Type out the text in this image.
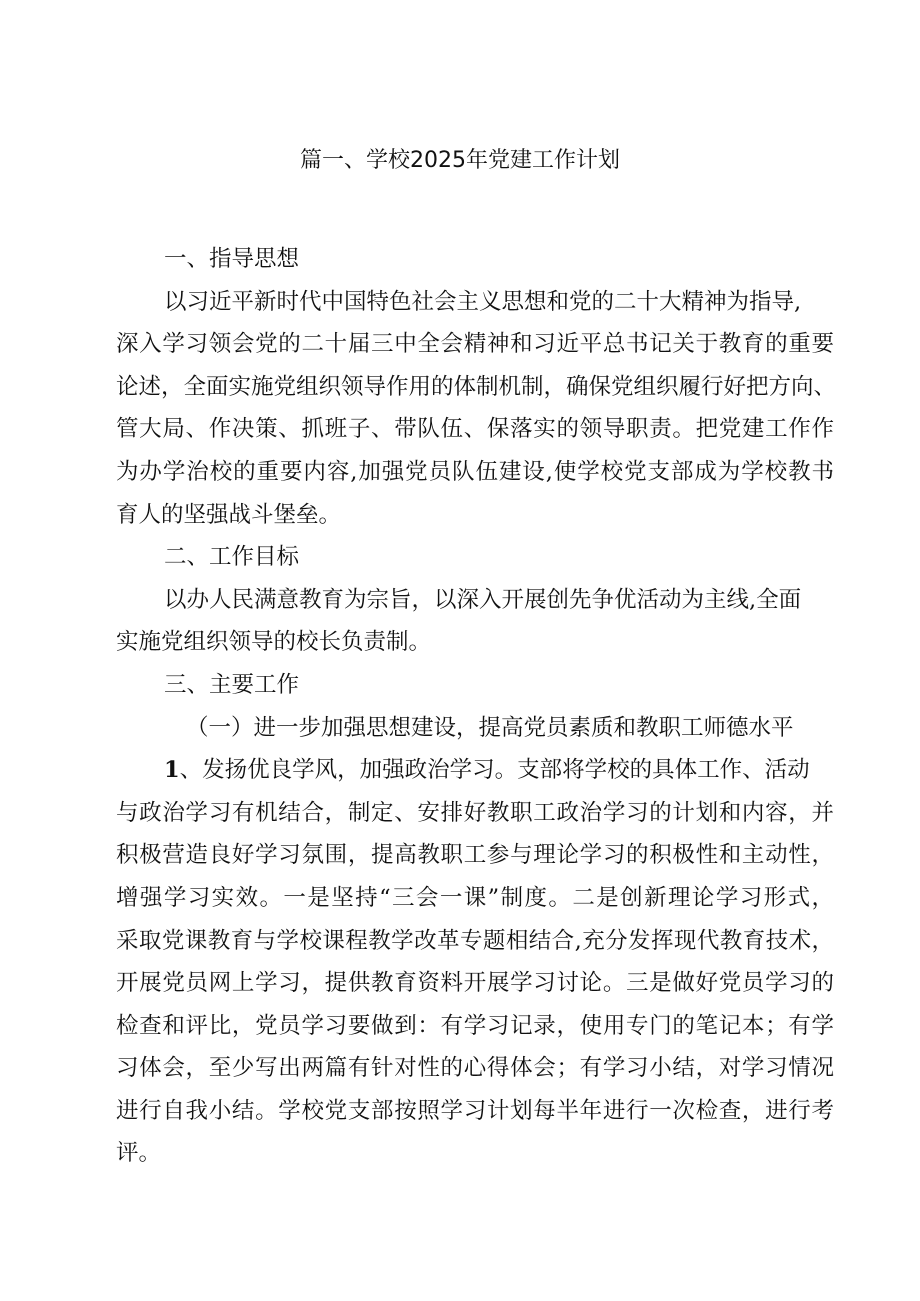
篇一、学校2025年党建工作计划
一、指导思想
以习近平新时代中国特色社会主义思想和党的二十大精神为指导,
深入学习领会党的二十届三中全会精神和习近平总书记关于教育的重要
论述，全面实施党组织领导作用的体制机制，确保党组织履行好把方向、
管大局、作决策、抓班子、带队伍、保落实的领导职责。把党建工作作
为办学治校的重要内容,加强党员队伍建设,使学校党支部成为学校教书
育人的坚强战斗堡垒。
二、工作目标
以办人民满意教育为宗旨，以深入开展创先争优活动为主线,全面
实施党组织领导的校长负责制。
三、主要工作
（一）进一步加强思想建设，提高党员素质和教职工师德水平
1、发扬优良学风，加强政治学习。支部将学校的具体工作、活动
与政治学习有机结合，制定、安排好教职工政治学习的计划和内容，并
积极营造良好学习氛围，提高教职工参与理论学习的积极性和主动性，
增强学习实效。一是坚持“三会一课”制度。二是创新理论学习形式，
采取党课教育与学校课程教学改革专题相结合,充分发挥现代教育技术，
开展党员网上学习，提供教育资料开展学习讨论。三是做好党员学习的
检查和评比，党员学习要做到：有学习记录，使用专门的笔记本；有学
习体会，至少写出两篇有针对性的心得体会；有学习小结，对学习情况
进行自我小结。学校党支部按照学习计划每半年进行一次检查，进行考
评。
